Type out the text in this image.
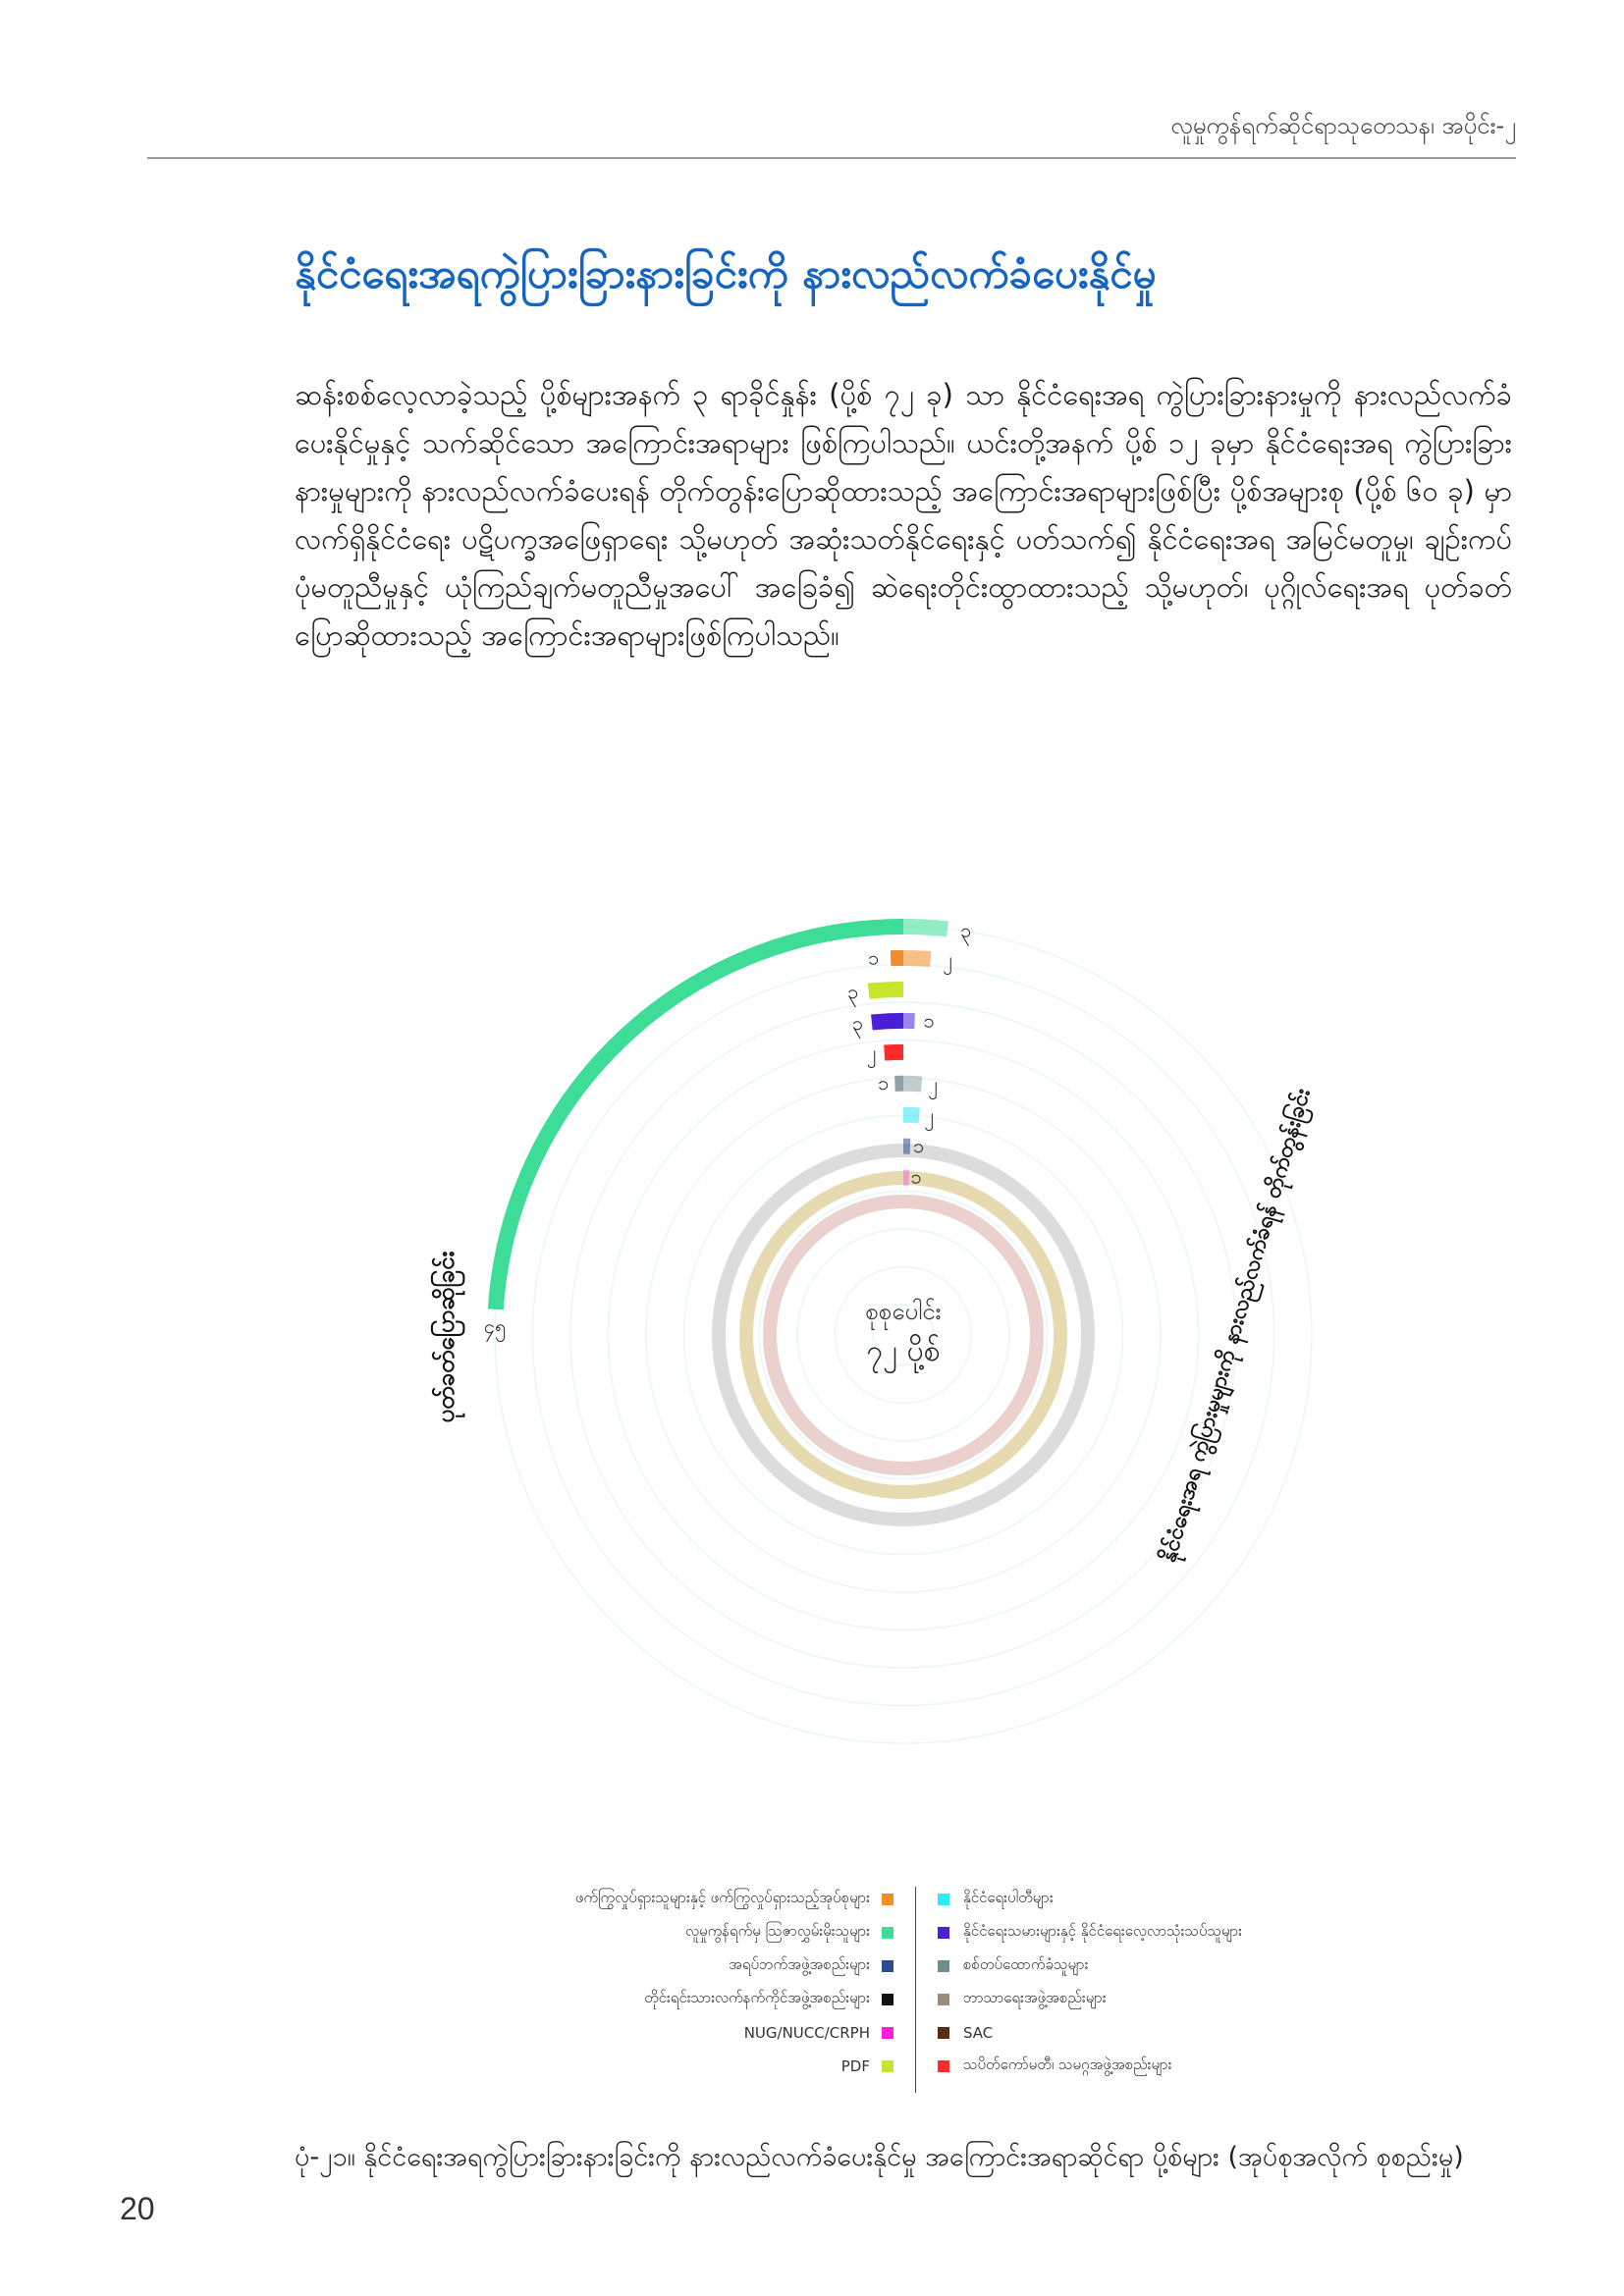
လူမှုကွန်ရက်ဆိုင်ရာသုတေသန၊ အပိုင်း-၂
နိုင်ငံရေးအရကွဲပြားခြားနားခြင်းကို နားလည်လက်ခံပေးနိုင်မှု
ဆန်းစစ်လေ့လာခဲ့သည့် ပို့စ်များအနက် ၃ ရာခိုင်နှုန်း (ပို့စ် ၇၂ ခု) သာ နိုင်ငံရေးအရ ကွဲပြားခြားနားမှုကို နားလည်လက်ခံပေးနိုင်မှုနှင့် သက်ဆိုင်သော အကြောင်းအရာများ ဖြစ်ကြပါသည်။ ယင်းတို့အနက် ပို့စ် ၁၂ ခုမှာ နိုင်ငံရေးအရ ကွဲပြားခြားနားမှုများကို နားလည်လက်ခံပေးရန် တိုက်တွန်းပြောဆိုထားသည့် အကြောင်းအရာများဖြစ်ပြီး ပို့စ်အများစု (ပို့စ် ၆၀ ခု) မှာ လက်ရှိနိုင်ငံရေး ပဋိပက္ခအဖြေရှာရေး သို့မဟုတ် အဆုံးသတ်နိုင်ရေးနှင့် ပတ်သက်၍ နိုင်ငံရေးအရ အမြင်မတူမှု၊ ချဉ်းကပ်ပုံမတူညီမှုနှင့် ယုံကြည်ချက်မတူညီမှုအပေါ် အခြေခံ၍ ဆဲရေးတိုင်းထွာထားသည့် သို့မဟုတ်၊ ပုဂ္ဂိုလ်ရေးအရ ပုတ်ခတ်ပြောဆိုထားသည့် အကြောင်းအရာများဖြစ်ကြပါသည်။
၄၅
၃
၁	၂
၃
၃	၁
၂
၁ ၂
၂
၁
၁
စုစုပေါင်း
၇၂ ပို့စ်
ပုတ်ခတ်ပြောဆိုခြင်း	နိုင်ငံရေးအရ ကွဲပြားမှုများကို နားလည်လက်ခံရန် တိုက်တွန်းခြင်း
ဖက်ကြွလှုပ်ရှားသူများနှင့် ဖက်ကြွလှုပ်ရှားသည့်အုပ်စုများ
လူမှုကွန်ရက်မှ သြဇာလွှမ်းမိုးသူများ
အရပ်ဘက်အဖွဲ့အစည်းများ
တိုင်းရင်းသားလက်နက်ကိုင်အဖွဲ့အစည်းများ
NUG/NUCC/CRPH
PDF
နိုင်ငံရေးပါတီများ
နိုင်ငံရေးသမားများနှင့် နိုင်ငံရေးလေ့လာသုံးသပ်သူများ
စစ်တပ်ထောက်ခံသူများ
ဘာသာရေးအဖွဲ့အစည်းများ
SAC
သပိတ်ကော်မတီ၊ သမဂ္ဂအဖွဲ့အစည်းများ
ပုံ-၂၁။ နိုင်ငံရေးအရကွဲပြားခြားနားခြင်းကို နားလည်လက်ခံပေးနိုင်မှု အကြောင်းအရာဆိုင်ရာ ပို့စ်များ (အုပ်စုအလိုက် စုစည်းမှု)
20
